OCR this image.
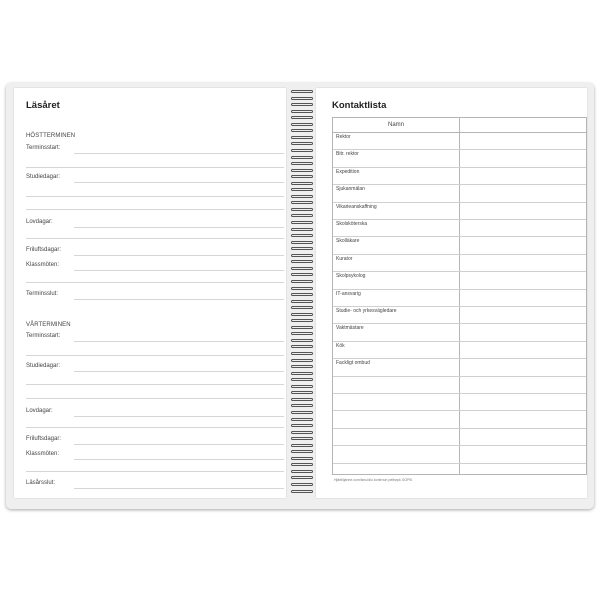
Läsåret
HÖSTTERMINEN
Terminsstart:
Studiedagar:
Lovdagar:
Friluftsdagar:
Klassmöten:
Terminsslut:
VÅRTERMINEN
Terminsstart:
Studiedagar:
Lovdagar:
Friluftsdagar:
Klassmöten:
Läsårsslut:
Kontaktlista
Namn
Rektor
Bitr. rektor
Expedition
Sjukanmälan
Vikarieanskaffning
Skolsköterska
Skolläkare
Kurator
Skolpsykolog
IT-ansvarig
Studie- och yrkesvägledare
Vaktmästare
Kök
Fackligt ombud
Hjärtliljanne.com/lsnu/dio kontrnun peltsrpk GOPB
